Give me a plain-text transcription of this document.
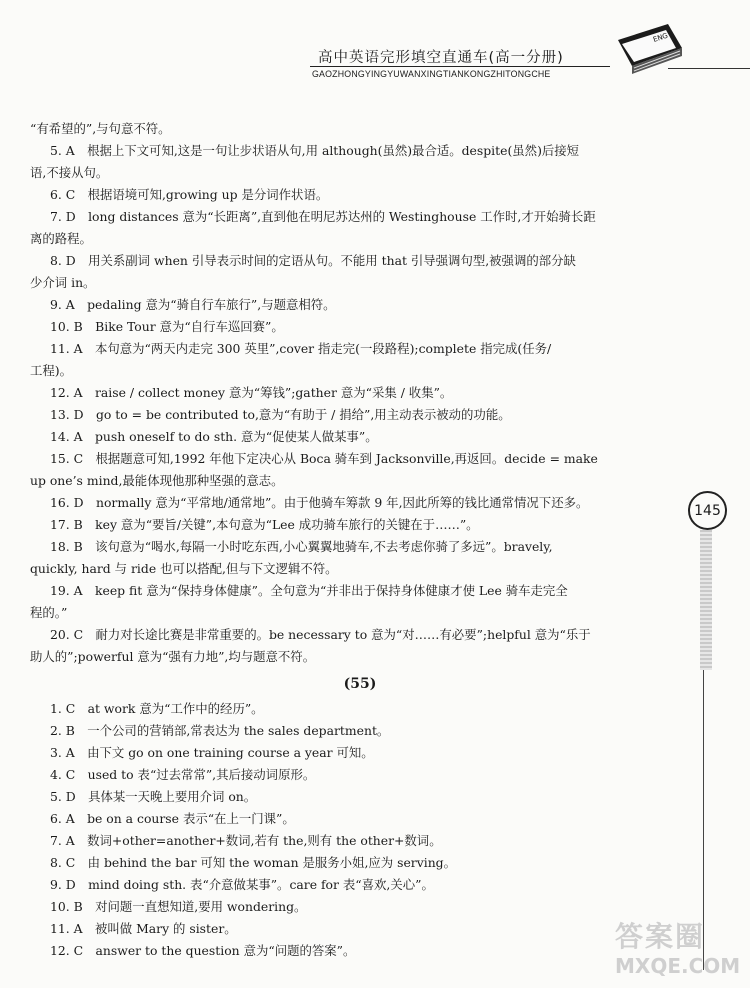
ENG
高中英语完形填空直通车(高一分册)
GAOZHONGYINGYUWANXINGTIANKONGZHITONGCHE
145

“有希望的”,与句意不符。

5. A　根据上下文可知,这是一句让步状语从句,用 although(虽然)最合适。despite(虽然)后接短

语,不接从句。

6. C　根据语境可知,growing up 是分词作状语。

7. D　long distances 意为“长距离”,直到他在明尼苏达州的 Westinghouse 工作时,才开始骑长距

离的路程。

8. D　用关系副词 when 引导表示时间的定语从句。不能用 that 引导强调句型,被强调的部分缺

少介词 in。

9. A　pedaling 意为“骑自行车旅行”,与题意相符。

10. B　Bike Tour 意为“自行车巡回赛”。

11. A　本句意为“两天内走完 300 英里”,cover 指走完(一段路程);complete 指完成(任务/

工程)。

12. A　raise / collect money 意为“筹钱”;gather 意为“采集 / 收集”。

13. D　go to = be contributed to,意为“有助于 / 捐给”,用主动表示被动的功能。

14. A　push oneself to do sth. 意为“促使某人做某事”。

15. C　根据题意可知,1992 年他下定决心从 Boca 骑车到 Jacksonville,再返回。decide = make

up one’s mind,最能体现他那种坚强的意志。

16. D　normally 意为“平常地/通常地”。由于他骑车筹款 9 年,因此所筹的钱比通常情况下还多。

17. B　key 意为“要旨/关键”,本句意为“Lee 成功骑车旅行的关键在于……”。

18. B　该句意为“喝水,每隔一小时吃东西,小心翼翼地骑车,不去考虑你骑了多远”。bravely,

quickly, hard 与 ride 也可以搭配,但与下文逻辑不符。

19. A　keep fit 意为“保持身体健康”。全句意为“并非出于保持身体健康才使 Lee 骑车走完全

程的。”

20. C　耐力对长途比赛是非常重要的。be necessary to 意为“对……有必要”;helpful 意为“乐于

助人的”;powerful 意为“强有力地”,均与题意不符。

(55)

1. C　at work 意为“工作中的经历”。

2. B　一个公司的营销部,常表达为 the sales department。

3. A　由下文 go on one training course a year 可知。

4. C　used to 表“过去常常”,其后接动词原形。

5. D　具体某一天晚上要用介词 on。

6. A　be on a course 表示“在上一门课”。

7. A　数词+other=another+数词,若有 the,则有 the other+数词。

8. C　由 behind the bar 可知 the woman 是服务小姐,应为 serving。

9. D　mind doing sth. 表“介意做某事”。care for 表“喜欢,关心”。

10. B　对问题一直想知道,要用 wondering。

11. A　被叫做 Mary 的 sister。

12. C　answer to the question 意为“问题的答案”。	答案圈
MXQE.COM
